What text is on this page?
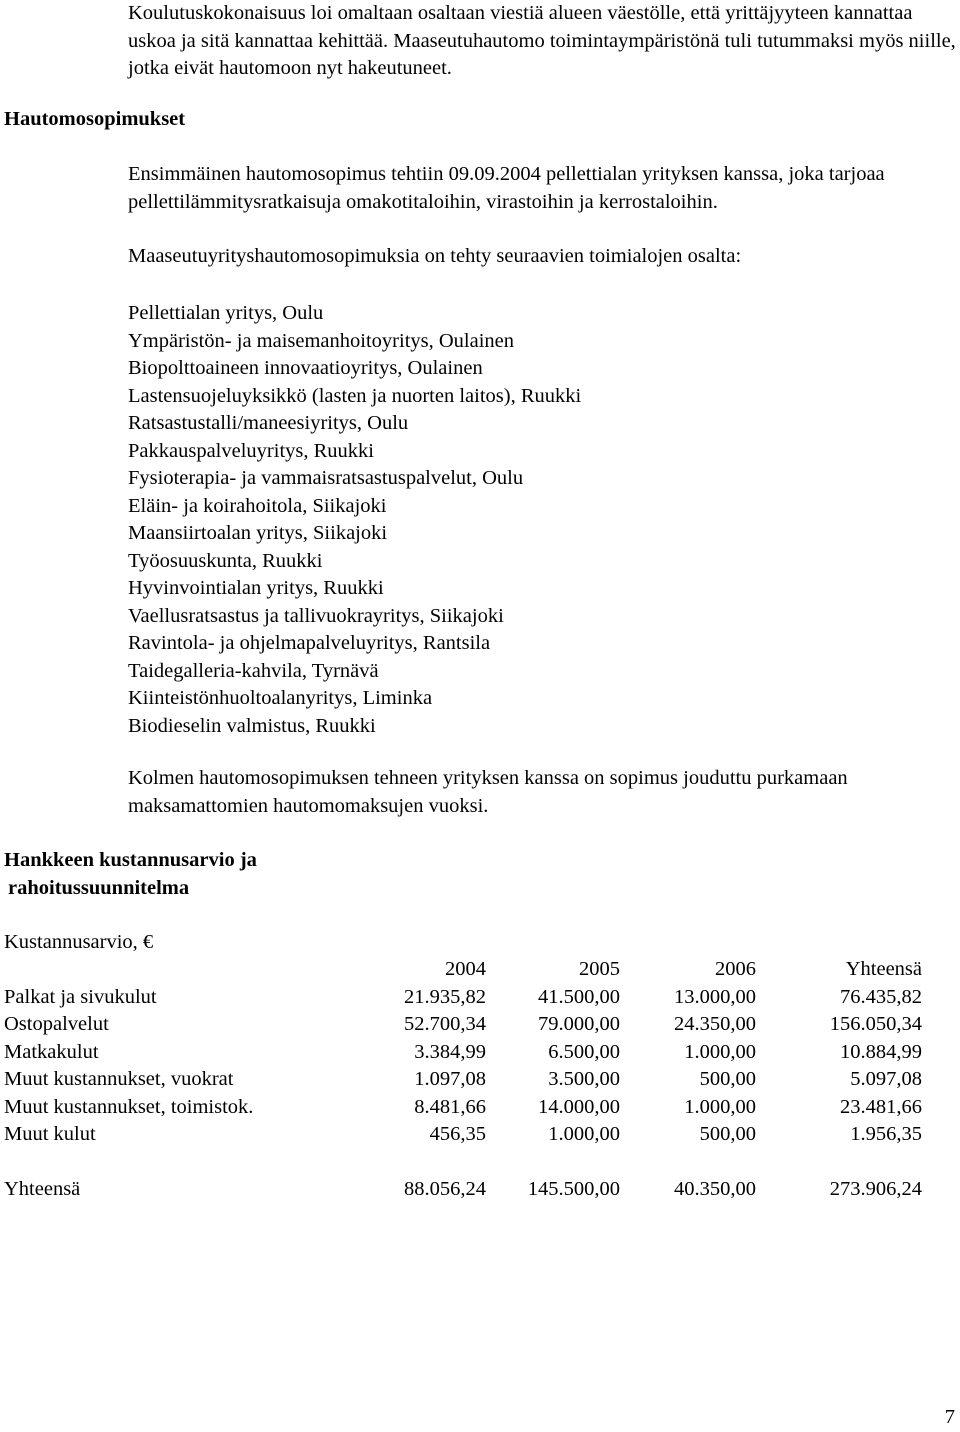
Koulutuskokonaisuus loi omaltaan osaltaan viestiä alueen väestölle, että yrittäjyyteen kannattaa uskoa ja sitä kannattaa kehittää. Maaseutuhautomo toimintaympäristönä tuli tutummaksi myös niille, jotka eivät hautomoon nyt hakeutuneet.

Hautomosopimukset

Ensimmäinen hautomosopimus tehtiin 09.09.2004 pellettialan yrityksen kanssa, joka tarjoaa pellettilämmitysratkaisuja omakotitaloihin, virastoihin ja kerrostaloihin.

Maaseutuyrityshautomosopimuksia on tehty seuraavien toimialojen osalta:

Pellettialan yritys, Oulu
Ympäristön- ja maisemanhoitoyritys, Oulainen
Biopolttoaineen innovaatioyritys, Oulainen
Lastensuojeluyksikkö (lasten ja nuorten laitos), Ruukki
Ratsastustalli/maneesiyritys, Oulu
Pakkauspalveluyritys, Ruukki
Fysioterapia- ja vammaisratsastuspalvelut, Oulu
Eläin- ja koirahoitola, Siikajoki
Maansiirtoalan yritys, Siikajoki
Työosuuskunta, Ruukki
Hyvinvointialan yritys, Ruukki
Vaellusratsastus ja tallivuokrayritys, Siikajoki
Ravintola- ja ohjelmapalveluyritys, Rantsila
Taidegalleria-kahvila, Tyrnävä
Kiinteistönhuoltoalanyritys, Liminka
Biodieselin valmistus, Ruukki

Kolmen hautomosopimuksen tehneen yrityksen kanssa on sopimus jouduttu purkamaan maksamattomien hautomomaksujen vuoksi.

Hankkeen kustannusarvio ja
rahoitussuunnitelma
Kustannusarvio, €
	2004	2005	2006	Yhteensä
Palkat ja sivukulut	21.935,82	41.500,00	13.000,00	76.435,82
Ostopalvelut	52.700,34	79.000,00	24.350,00	156.050,34
Matkakulut	3.384,99	6.500,00	1.000,00	10.884,99
Muut kustannukset, vuokrat	1.097,08	3.500,00	500,00	5.097,08
Muut kustannukset, toimistok.	8.481,66	14.000,00	1.000,00	23.481,66
Muut kulut	456,35	1.000,00	500,00	1.956,35

Yhteensä	88.056,24	145.500,00	40.350,00	273.906,24
7
